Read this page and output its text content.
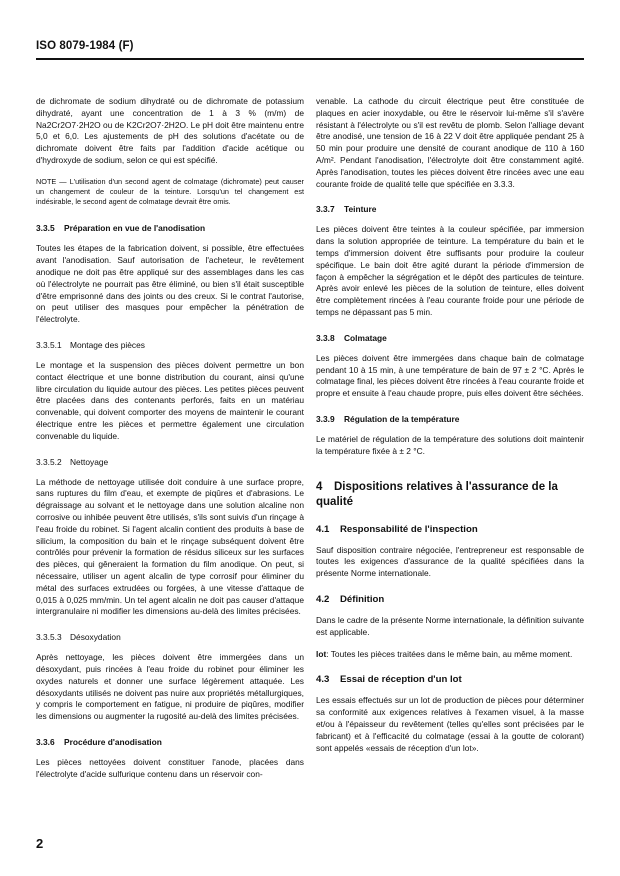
ISO 8079-1984 (F)

de dichromate de sodium dihydraté ou de dichromate de potassium dihydraté, ayant une concentration de 1 à 3 % (m/m) de Na2Cr2O7·2H2O ou de K2Cr2O7·2H2O. Le pH doit être maintenu entre 5,0 et 6,0. Les ajustements de pH des solutions d'acétate ou de dichromate doivent être faits par l'addition d'acide acétique ou d'hydroxyde de sodium, selon ce qui est spécifié.

NOTE — L'utilisation d'un second agent de colmatage (dichromate) peut causer un changement de couleur de la teinture. Lorsqu'un tel changement est indésirable, le second agent de colmatage devrait être omis.

3.3.5 Préparation en vue de l'anodisation

Toutes les étapes de la fabrication doivent, si possible, être effectuées avant l'anodisation. Sauf autorisation de l'acheteur, le revêtement anodique ne doit pas être appliqué sur des assemblages dans les cas où l'électrolyte ne pourrait pas être éliminé, ou bien s'il était susceptible d'être emprisonné dans des joints ou des creux. Si le contrat l'autorise, on peut utiliser des masques pour empêcher la pénétration de l'électrolyte.

3.3.5.1 Montage des pièces

Le montage et la suspension des pièces doivent permettre un bon contact électrique et une bonne distribution du courant, ainsi qu'une libre circulation du liquide autour des pièces. Les petites pièces peuvent être placées dans des contenants perforés, faits en un matériau convenable, qui doivent comporter des moyens de maintenir le courant électrique entre les pièces et permettre également une circulation convenable du liquide.

3.3.5.2 Nettoyage

La méthode de nettoyage utilisée doit conduire à une surface propre, sans ruptures du film d'eau, et exempte de piqûres et d'abrasions. Le dégraissage au solvant et le nettoyage dans une solution alcaline non corrosive ou inhibée peuvent être utilisés, s'ils sont suivis d'un rinçage à l'eau froide du robinet. Si l'agent alcalin contient des produits à base de silicium, la composition du bain et le rinçage subséquent doivent être contrôlés pour prévenir la formation de résidus siliceux sur les surfaces des pièces, qui gêneraient la formation du film anodique. On peut, si nécessaire, utiliser un agent alcalin de type corrosif pour éliminer du métal des surfaces extrudées ou forgées, à une vitesse d'attaque de 0,015 à 0,025 mm/min. Un tel agent alcalin ne doit pas causer d'attaque intergranulaire ni modifier les dimensions au-delà des limites précisées.

3.3.5.3 Désoxydation

Après nettoyage, les pièces doivent être immergées dans un désoxydant, puis rincées à l'eau froide du robinet pour éliminer les oxydes naturels et donner une surface légèrement attaquée. Les désoxydants utilisés ne doivent pas nuire aux propriétés métallurgiques, y compris le comportement en fatigue, ni produire de piqûres, modifier les dimensions ou augmenter la rugosité au-delà des limites précisées.

3.3.6 Procédure d'anodisation

Les pièces nettoyées doivent constituer l'anode, placées dans l'électrolyte d'acide sulfurique contenu dans un réservoir con-

venable. La cathode du circuit électrique peut être constituée de plaques en acier inoxydable, ou être le réservoir lui-même s'il s'avère résistant à l'électrolyte ou s'il est revêtu de plomb. Selon l'alliage devant être anodisé, une tension de 16 à 22 V doit être appliquée pendant 25 à 50 min pour produire une densité de courant anodique de 110 à 160 A/m². Pendant l'anodisation, l'électrolyte doit être constamment agité. Après l'anodisation, toutes les pièces doivent être rincées avec une eau courante froide de qualité telle que spécifiée en 3.3.3.

3.3.7 Teinture

Les pièces doivent être teintes à la couleur spécifiée, par immersion dans la solution appropriée de teinture. La température du bain et le temps d'immersion doivent être suffisants pour produire la couleur spécifique. Le bain doit être agité durant la période d'immersion de façon à empêcher la ségrégation et le dépôt des particules de teinture. Après avoir enlevé les pièces de la solution de teinture, elles doivent être complètement rincées à l'eau courante froide pour une période de temps ne dépassant pas 5 min.

3.3.8 Colmatage

Les pièces doivent être immergées dans chaque bain de colmatage pendant 10 à 15 min, à une température de bain de 97 ± 2 °C. Après le colmatage final, les pièces doivent être rincées à l'eau courante froide et propre et ensuite à l'eau chaude propre, puis elles doivent être séchées.

3.3.9 Régulation de la température

Le matériel de régulation de la température des solutions doit maintenir la température fixée à ± 2 °C.

4 Dispositions relatives à l'assurance de la qualité
4.1 Responsabilité de l'inspection

Sauf disposition contraire négociée, l'entrepreneur est responsable de toutes les exigences d'assurance de la qualité spécifiées dans la présente Norme internationale.

4.2 Définition

Dans le cadre de la présente Norme internationale, la définition suivante est applicable.

lot: Toutes les pièces traitées dans le même bain, au même moment.

4.3 Essai de réception d'un lot

Les essais effectués sur un lot de production de pièces pour déterminer sa conformité aux exigences relatives à l'examen visuel, à la masse et/ou à l'épaisseur du revêtement (telles qu'elles sont précisées par le fabricant) et à l'efficacité du colmatage (essai à la goutte de colorant) sont appelés «essais de réception d'un lot».

2
